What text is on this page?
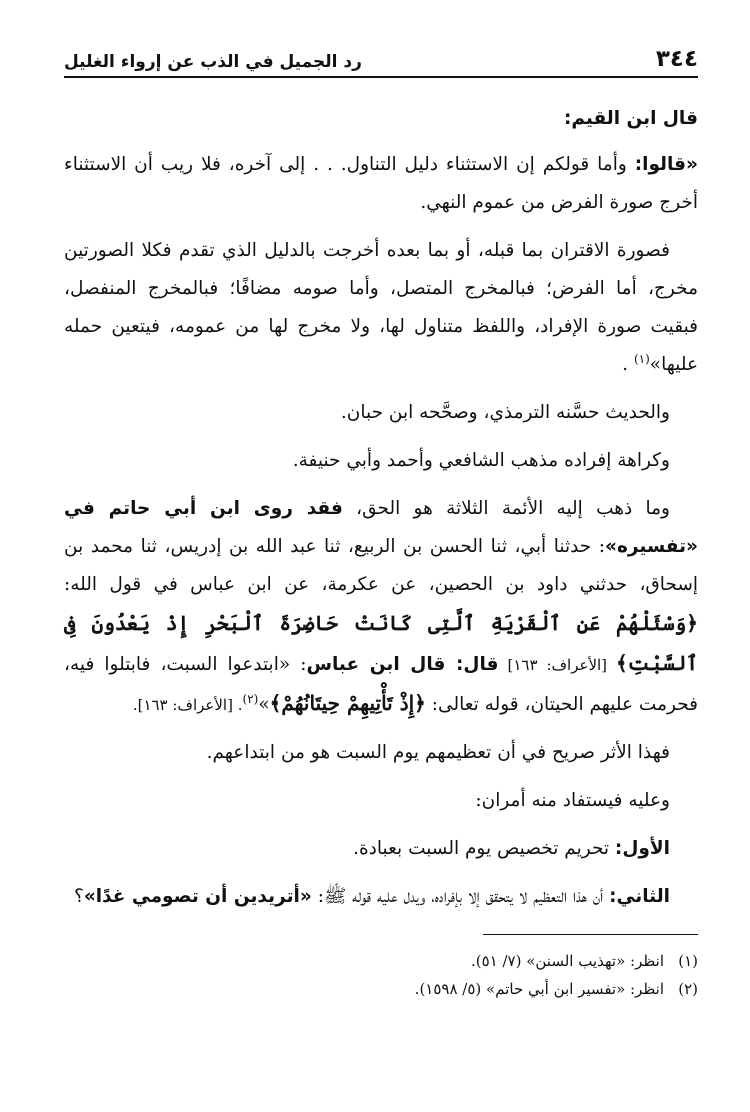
٣٤٤
رد الجميل في الذب عن إرواء الغليل

قال ابن القيم:

«قالوا: وأما قولكم إن الاستثناء دليل التناول. . . إلى آخره، فلا ريب أن الاستثناء أخرج صورة الفرض من عموم النهي.

فصورة الاقتران بما قبله، أو بما بعده أخرجت بالدليل الذي تقدم فكلا الصورتين مخرج، أما الفرض؛ فبالمخرج المتصل، وأما صومه مضافًا؛ فبالمخرج المنفصل، فبقيت صورة الإفراد، واللفظ متناول لها، ولا مخرج لها من عمومه، فيتعين حمله عليها»$^{(١)}$ .

والحديث حسَّنه الترمذي، وصحَّحه ابن حبان.

وكراهة إفراده مذهب الشافعي وأحمد وأبي حنيفة.

وما ذهب إليه الأئمة الثلاثة هو الحق، فقد روى ابن أبي حاتم في «تفسيره»: حدثنا أبي، ثنا الحسن بن الربيع، ثنا عبد الله بن إدريس، ثنا محمد بن إسحاق، حدثني داود بن الحصين، عن عكرمة، عن ابن عباس في قول الله: ﴿وَسْئَلْهُمْ عَنِ ٱلْقَرْيَةِ ٱلَّتِى كَانَتْ حَاضِرَةَ ٱلْبَحْرِ إِذْ يَعْدُونَ فِى ٱلسَّبْتِ﴾ [الأعراف: ١٦٣] قال: قال ابن عباس: «ابتدعوا السبت، فابتلوا فيه، فحرمت عليهم الحيتان، قوله تعالى: ﴿إِذْ تَأْتِيهِمْ حِيتَانُهُمْ﴾»$^{(٢)}$. [الأعراف: ١٦٣].

فهذا الأثر صريح في أن تعظيمهم يوم السبت هو من ابتداعهم.

وعليه فيستفاد منه أمران:

الأول: تحريم تخصيص يوم السبت بعبادة.

الثاني: أن هذا التعظيم لا يتحقق إلا بإفراده، ويدل عليه قوله ﷺ: «أتريدين أن تصومي غدًا»؟

(١)انظر: «تهذيب السنن» (٧/ ٥١).

(٢)انظر: «تفسير ابن أبي حاتم» (٥/ ١٥٩٨).
